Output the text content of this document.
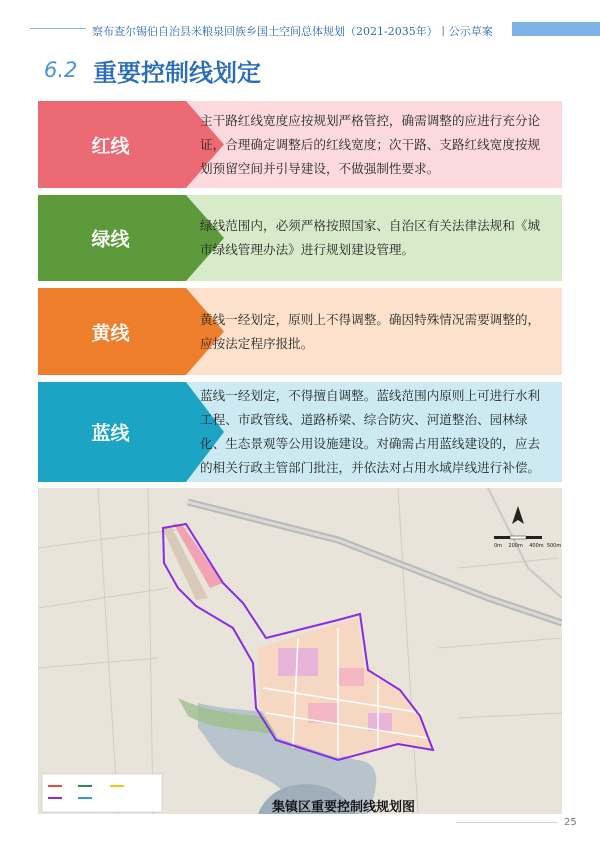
察布查尔锡伯自治县米粮泉回族乡国土空间总体规划（2021-2035年）丨公示草案
6.2 重要控制线划定
红线
主干路红线宽度应按规划严格管控，确需调整的应进行充分论证，合理确定调整后的红线宽度；次干路、支路红线宽度按规划预留空间并引导建设，不做强制性要求。
绿线
绿线范围内，必须严格按照国家、自治区有关法律法规和《城市绿线管理办法》进行规划建设管理。
黄线
黄线一经划定，原则上不得调整。确因特殊情况需要调整的，应按法定程序报批。
蓝线
蓝线一经划定，不得擅自调整。蓝线范围内原则上可进行水利工程、市政管线、道路桥梁、综合防灾、河道整治、园林绿化、生态景观等公用设施建设。对确需占用蓝线建设的，应去的相关行政主管部门批注，并依法对占用水域岸线进行补偿。
0m 200m 400m 500m
集镇区重要控制线规划图
25
